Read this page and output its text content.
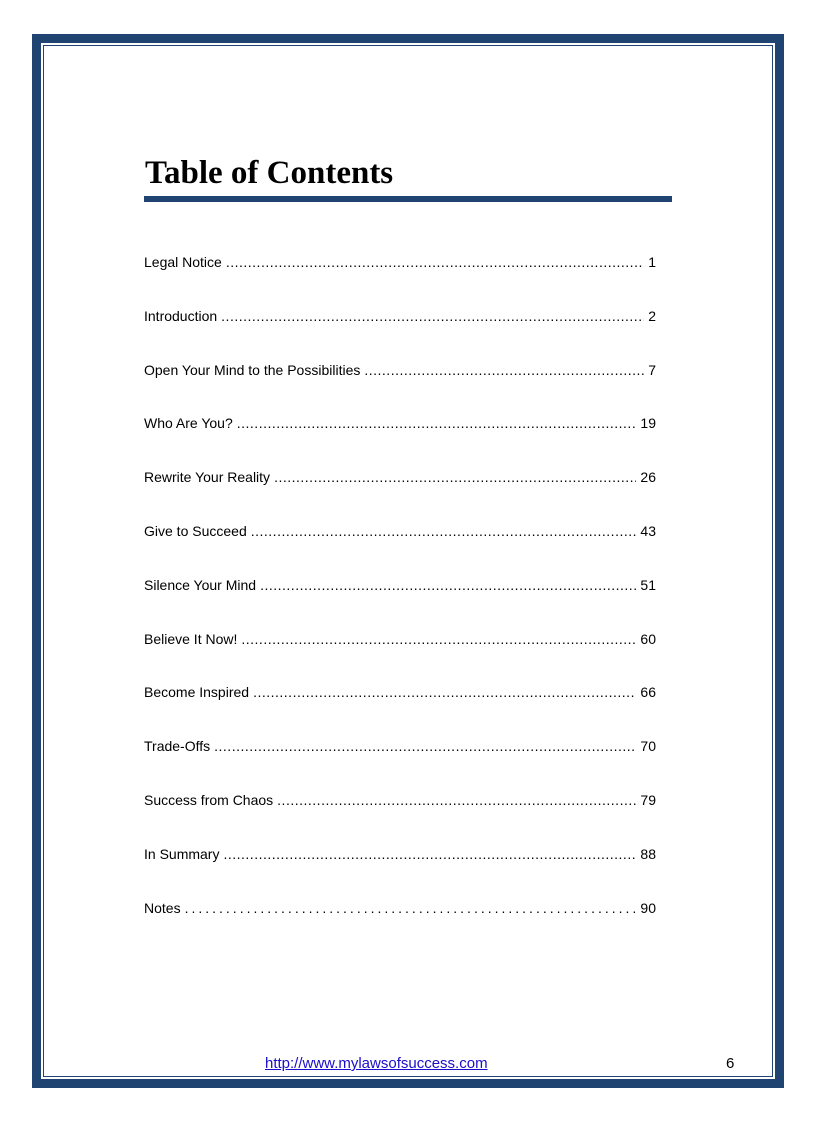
Table of Contents
Legal Notice .....	1
Introduction .....	2
Open Your Mind to the Possibilities .....	7
Who Are You? .....	19
Rewrite Your Reality .....	26
Give to Succeed .....	43
Silence Your Mind .....	51
Believe It Now! .....	60
Become Inspired .....	66
Trade-Offs .....	70
Success from Chaos .....	79
In Summary .....	88
Notes .....	90
http://www.mylawsofsuccess.com	6
